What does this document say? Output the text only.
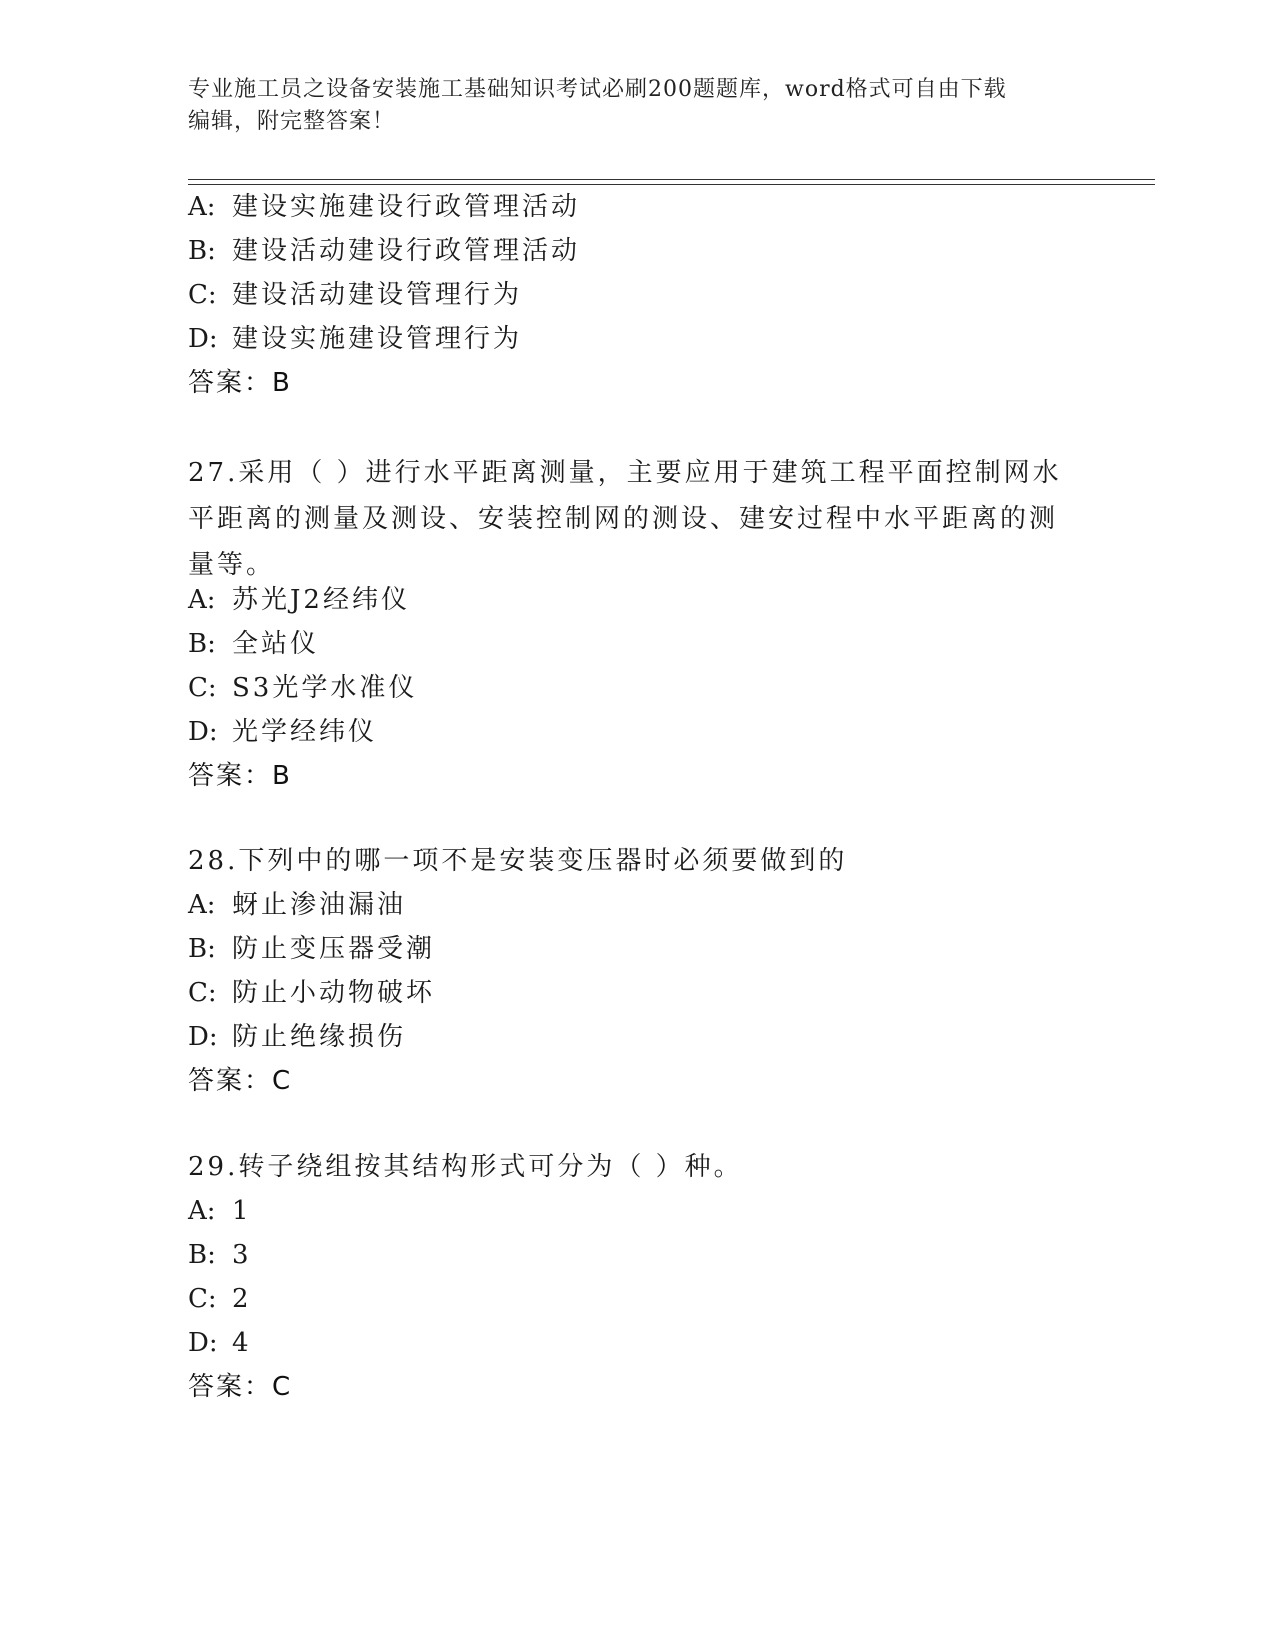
专业施工员之设备安装施工基础知识考试必刷200题题库，word格式可自由下载
编辑，附完整答案！
A: 建设实施建设行政管理活动
B: 建设活动建设行政管理活动
C: 建设活动建设管理行为
D: 建设实施建设管理行为
答案：B
27.采用（ ）进行水平距离测量，主要应用于建筑工程平面控制网水
平距离的测量及测设、安装控制网的测设、建安过程中水平距离的测
量等。
A: 苏光J2经纬仪
B: 全站仪
C: S3光学水准仪
D: 光学经纬仪
答案：B
28.下列中的哪一项不是安装变压器时必须要做到的
A: 蚜止渗油漏油
B: 防止变压器受潮
C: 防止小动物破坏
D: 防止绝缘损伤
答案：C
29.转子绕组按其结构形式可分为（ ）种。
A: 1
B: 3
C: 2
D: 4
答案：C
